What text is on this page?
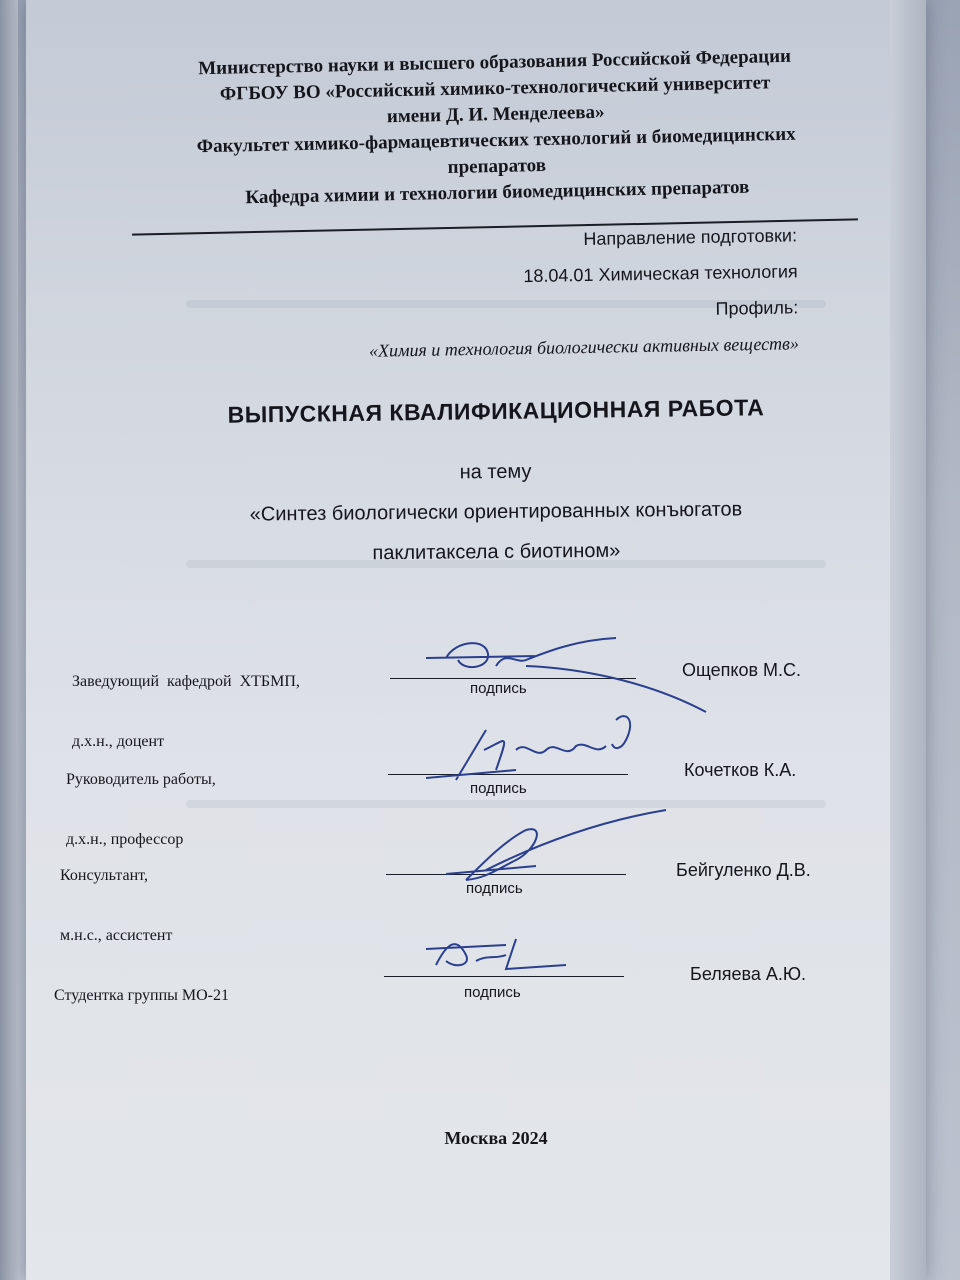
Министерство науки и высшего образования Российской Федерации
ФГБОУ ВО «Российский химико-технологический университет
имени Д. И. Менделеева»
Факультет химико-фармацевтических технологий и биомедицинских
препаратов
Кафедра химии и технологии биомедицинских препаратов
Направление подготовки:
18.04.01 Химическая технология
Профиль:
«Химия и технология биологически активных веществ»
ВЫПУСКНАЯ КВАЛИФИКАЦИОННАЯ РАБОТА
на тему
«Синтез биологически ориентированных конъюгатов
паклитаксела с биотином»

Заведующий  кафедрой  ХТБМП,

д.х.н., доцент

подпись
Ощепков М.С.

Руководитель работы,

д.х.н., профессор

подпись
Кочетков К.А.

Консультант,

м.н.с., ассистент

подпись
Бейгуленко Д.В.

Студентка группы МО-21

	подпись
Беляева А.Ю.
Москва 2024
